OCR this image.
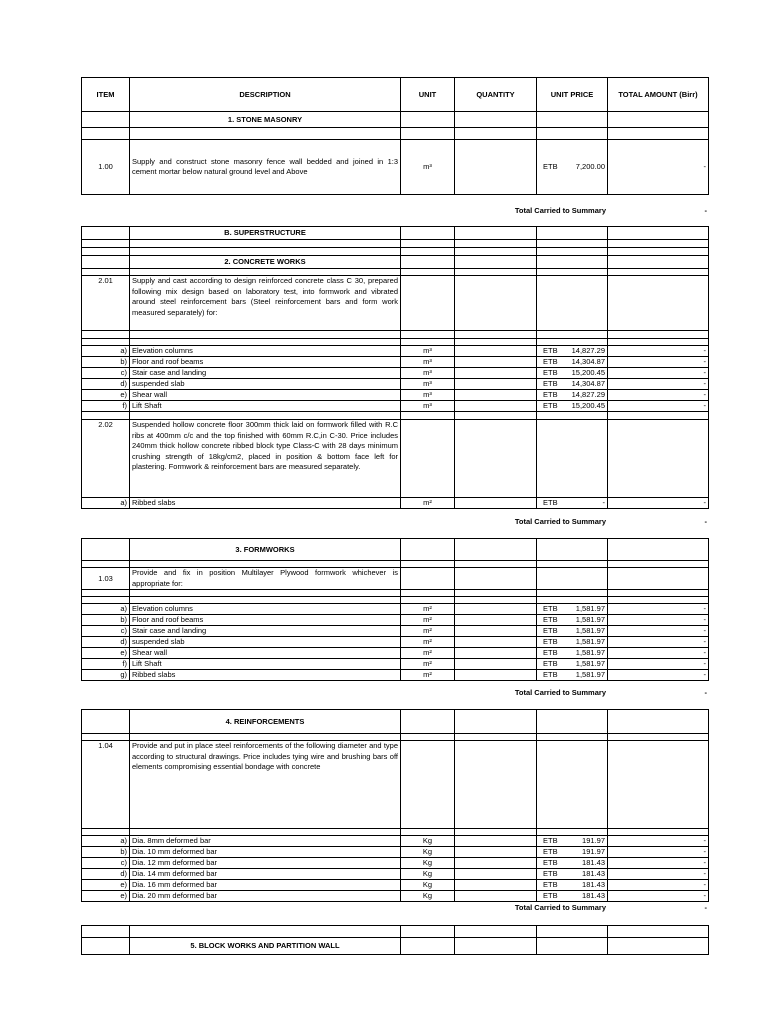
ITEM	DESCRIPTION	UNIT	QUANTITY	UNIT PRICE	TOTAL AMOUNT (Birr)
	1. STONE MASONRY				

1.00	Supply and construct stone masonry fence wall bedded and joined in 1:3 cement mortar below natural ground level and Above	m³		ETB 7,200.00	-
Total Carried to Summary	-
	B. SUPERSTRUCTURE				

	2. CONCRETE WORKS				

2.01	Supply and cast according to design reinforced concrete class C 30, prepared following mix design based on laboratory test, into formwork and vibrated around steel reinforcement bars (Steel reinforcement bars and form work measured separately) for:				

a)	Elevation columns	m³		ETB 14,827.29	-
b)	Floor and roof beams	m³		ETB 14,304.87	-
c)	Stair case and landing	m³		ETB 15,200.45	-
d)	suspended slab	m³		ETB 14,304.87	-
e)	Shear wall	m³		ETB 14,827.29	-
f)	Lift Shaft	m³		ETB 15,200.45	-

2.02	Suspended hollow concrete floor 300mm thick laid on formwork filled with R.C ribs at 400mm c/c and the top finished with 60mm R.C,in C-30. Price includes 240mm thick hollow concrete ribbed block type Class-C with 28 days minimum crushing strength of 18kg/cm2, placed in position & bottom face left for plastering. Formwork & reinforcement bars are measured separately.				
a)	Ribbed slabs	m²		ETB -	-
Total Carried to Summary	-
	3. FORMWORKS				

1.03	Provide and fix in position Multilayer Plywood formwork whichever is appropriate for:				

a)	Elevation columns	m²		ETB 1,581.97	-
b)	Floor and roof beams	m²		ETB 1,581.97	-
c)	Stair case and landing	m²		ETB 1,581.97	-
d)	suspended slab	m²		ETB 1,581.97	-
e)	Shear wall	m²		ETB 1,581.97	-
f)	Lift Shaft	m²		ETB 1,581.97	-
g)	Ribbed slabs	m²		ETB 1,581.97	-
Total Carried to Summary	-
	4. REINFORCEMENTS				

1.04	Provide and put in place steel reinforcements of the following diameter and type according to structural drawings. Price includes tying wire and brushing bars off elements compromising essential bondage with concrete				

a)	Dia. 8mm deformed bar	Kg		ETB 191.97	-
b)	Dia. 10 mm deformed bar	Kg		ETB 191.97	-
c)	Dia. 12 mm deformed bar	Kg		ETB 181.43	-
d)	Dia. 14 mm deformed bar	Kg		ETB 181.43	-
e)	Dia. 16 mm deformed bar	Kg		ETB 181.43	-
e)	Dia. 20 mm deformed bar	Kg		ETB 181.43	-
Total Carried to Summary	-

	5. BLOCK WORKS AND PARTITION WALL				
